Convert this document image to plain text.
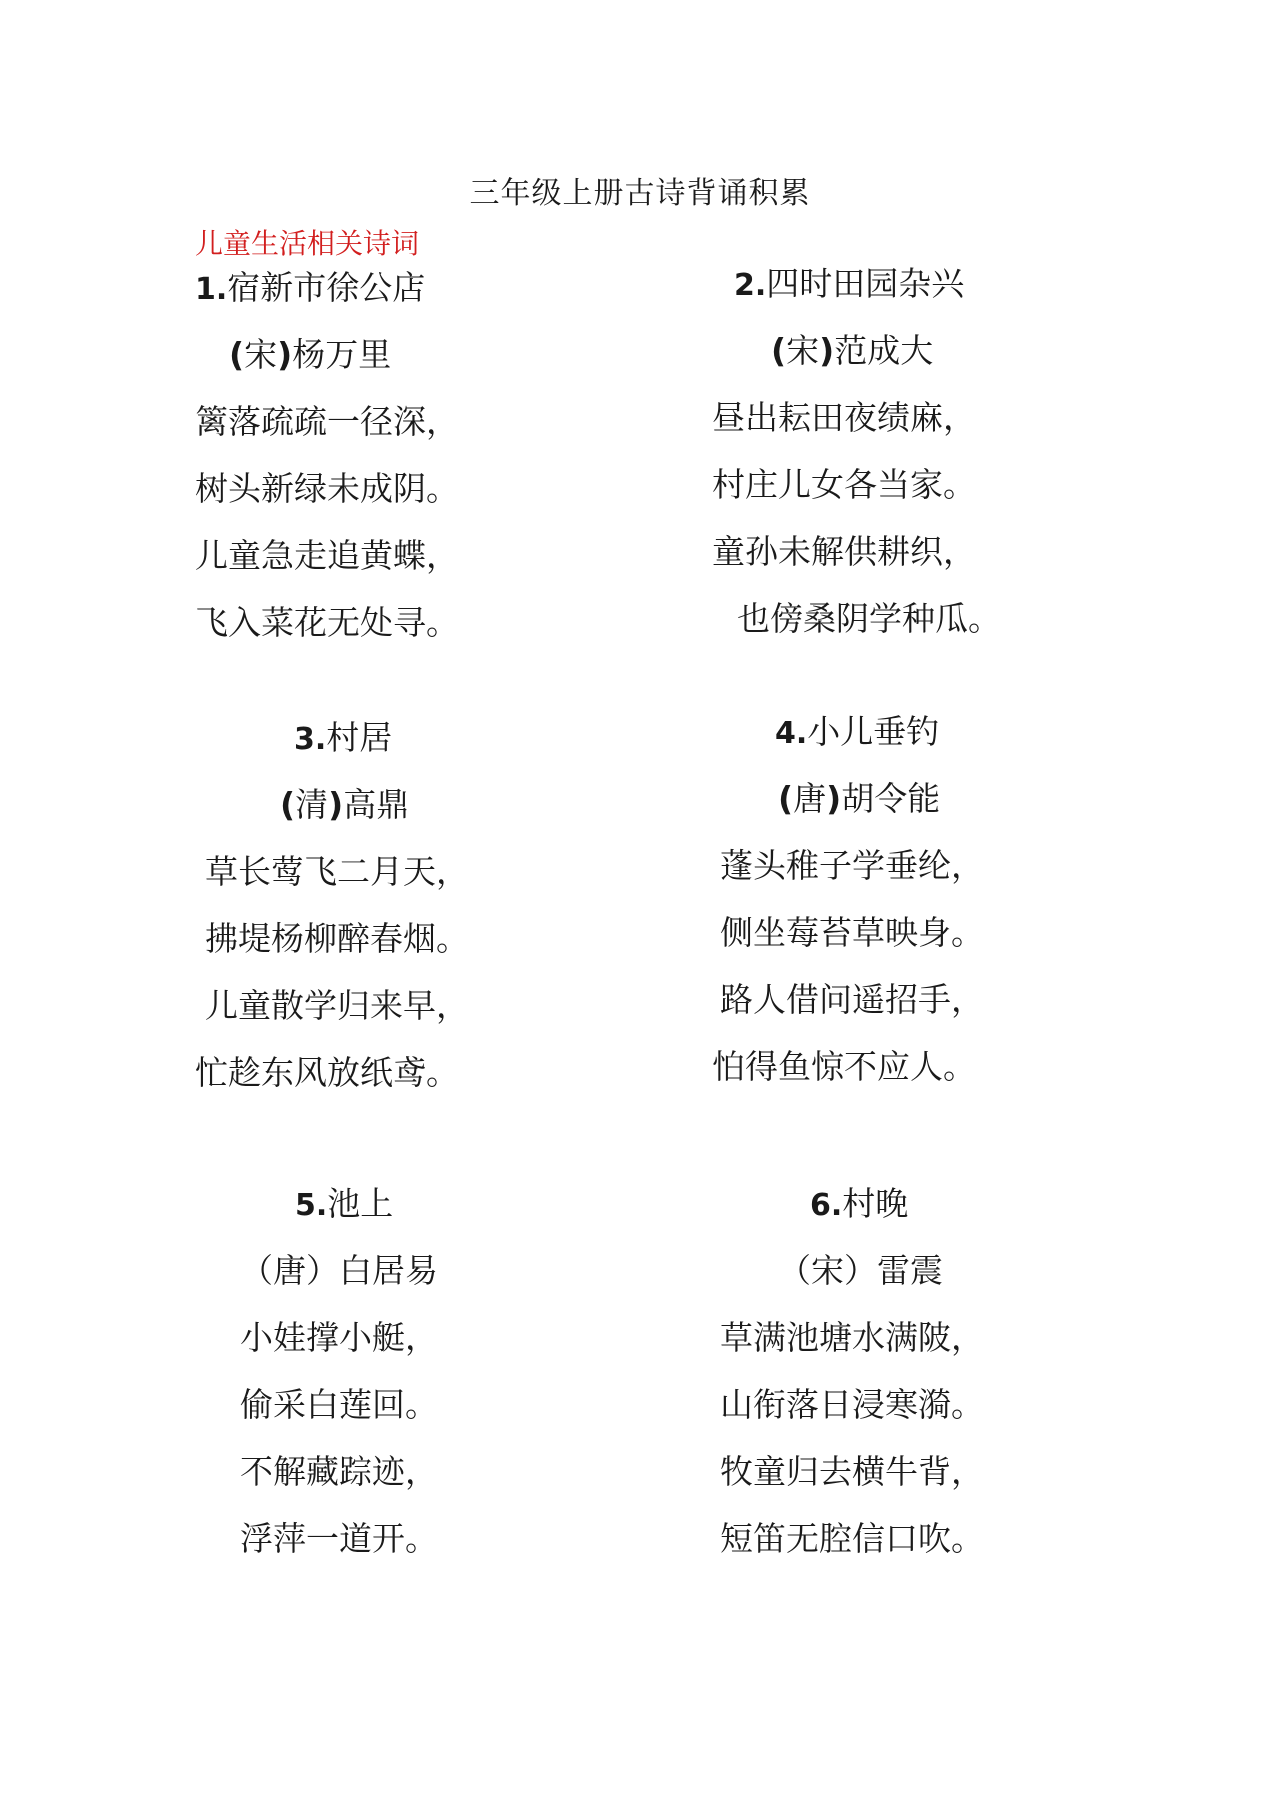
三年级上册古诗背诵积累
儿童生活相关诗词
1.宿新市徐公店
(宋)杨万里
篱落疏疏一径深，
树头新绿未成阴。
儿童急走追黄蝶，
飞入菜花无处寻。
2.四时田园杂兴
(宋)范成大
昼出耘田夜绩麻，
村庄儿女各当家。
童孙未解供耕织，
也傍桑阴学种瓜。
3.村居
(清)高鼎
草长莺飞二月天，
拂堤杨柳醉春烟。
儿童散学归来早，
忙趁东风放纸鸢。
4.小儿垂钓
(唐)胡令能
蓬头稚子学垂纶，
侧坐莓苔草映身。
路人借问遥招手，
怕得鱼惊不应人。
5.池上
（唐）白居易
小娃撑小艇，
偷采白莲回。
不解藏踪迹，
浮萍一道开。
6.村晚
（宋）雷震
草满池塘水满陂，
山衔落日浸寒漪。
牧童归去横牛背，
短笛无腔信口吹。
